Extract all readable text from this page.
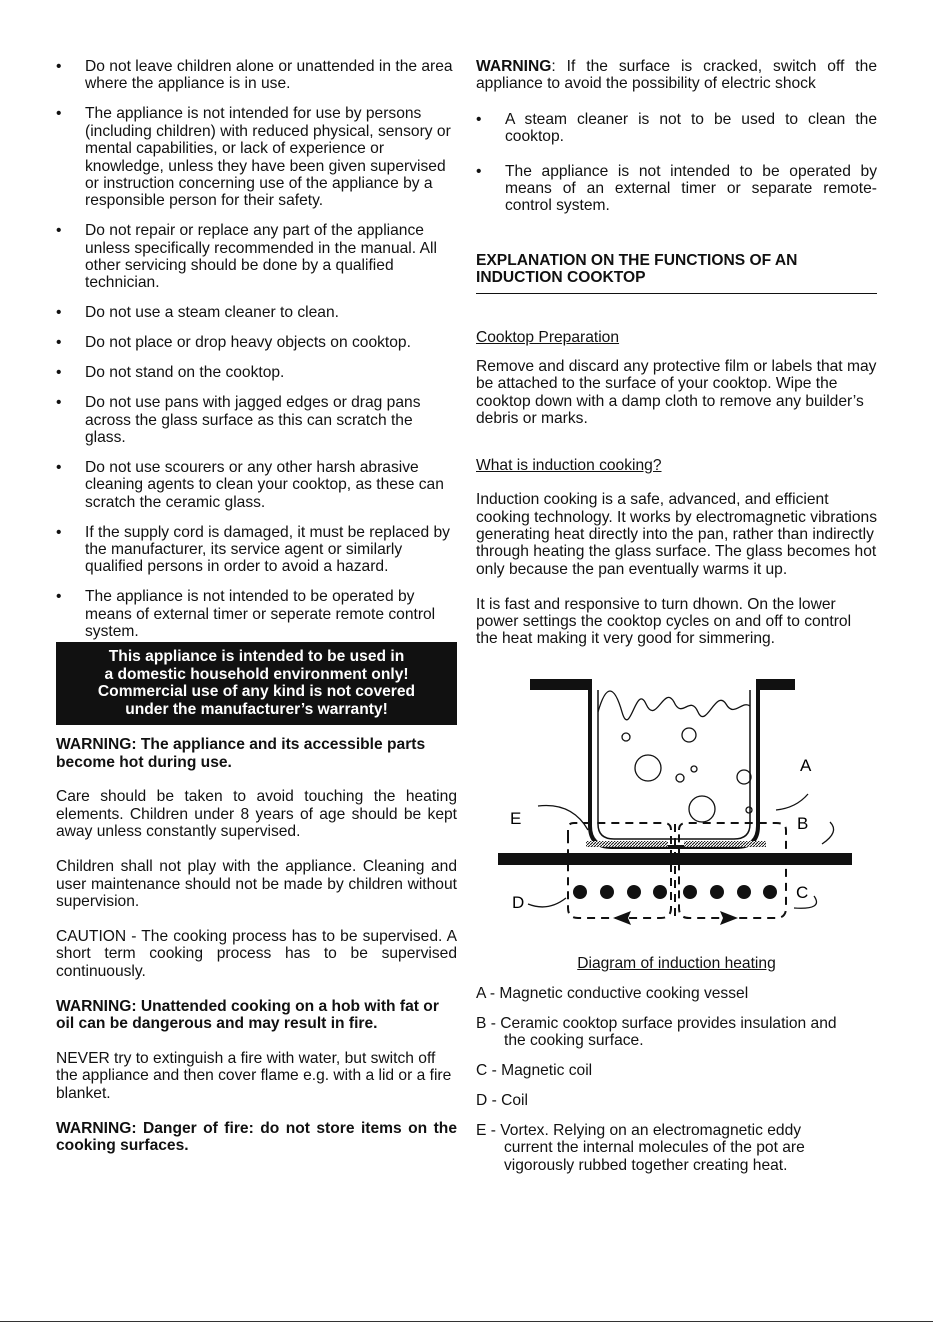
• Do not leave children alone or unattended in the area where the appliance is in use.
• The appliance is not intended for use by persons (including children) with reduced physical, sensory or mental capabilities, or lack of experience or knowledge, unless they have been given supervised or instruction concerning use of the appliance by a responsible person for their safety.
• Do not repair or replace any part of the appliance unless specifically recommended in the manual. All other servicing should be done by a qualified technician.
• Do not use a steam cleaner to clean.
• Do not place or drop heavy objects on cooktop.
• Do not stand on the cooktop.
• Do not use pans with jagged edges or drag pans across the glass surface as this can scratch the glass.
• Do not use scourers or any other harsh abrasive cleaning agents to clean your cooktop, as these can scratch the ceramic glass.
• If the supply cord is damaged, it must be replaced by the manufacturer, its service agent or similarly qualified persons in order to avoid a hazard.
• The appliance is not intended to be operated by means of external timer or seperate remote control system.
This appliance is intended to be used in
a domestic household environment only!
Commercial use of any kind is not covered
under the manufacturer’s warranty!

WARNING: The appliance and its accessible parts become hot during use.

Care should be taken to avoid touching the heating elements. Children under 8 years of age should be kept away unless constantly supervised.

Children shall not play with the appliance. Cleaning and user maintenance should not be made by children without supervision.

CAUTION - The cooking process has to be supervised. A short term cooking process has to be supervised continuously.

WARNING: Unattended cooking on a hob with fat or oil can be dangerous and may result in fire.

NEVER try to extinguish a fire with water, but switch off the appliance and then cover flame e.g. with a lid or a fire blanket.

WARNING: Danger of fire: do not store items on the cooking surfaces.

WARNING: If the surface is cracked, switch off the appliance to avoid the possibility of electric shock

• A steam cleaner is not to be used to clean the cooktop.
• The appliance is not intended to be operated by means of an external timer or separate remote-control system.
EXPLANATION ON THE FUNCTIONS OF AN
INDUCTION COOKTOP

Cooktop Preparation

Remove and discard any protective film or labels that may be attached to the surface of your cooktop. Wipe the cooktop down with a damp cloth to remove any builder’s debris or marks.

What is induction cooking?

Induction cooking is a safe, advanced, and efficient cooking technology. It works by electromagnetic vibrations generating heat directly into the pan, rather than indirectly through heating the glass surface. The glass becomes hot only because the pan eventually warms it up.

It is fast and responsive to turn dhown. On the lower power settings the cooktop cycles on and off to control the heat making it very good for simmering.

A
B
C
D
E

Diagram of induction heating

A - Magnetic conductive cooking vessel
B - Ceramic cooktop surface provides insulation and
the cooking surface.
C - Magnetic coil
D - Coil
E - Vortex. Relying on an electromagnetic eddy
current the internal molecules of the pot are vigorously rubbed together creating heat.
